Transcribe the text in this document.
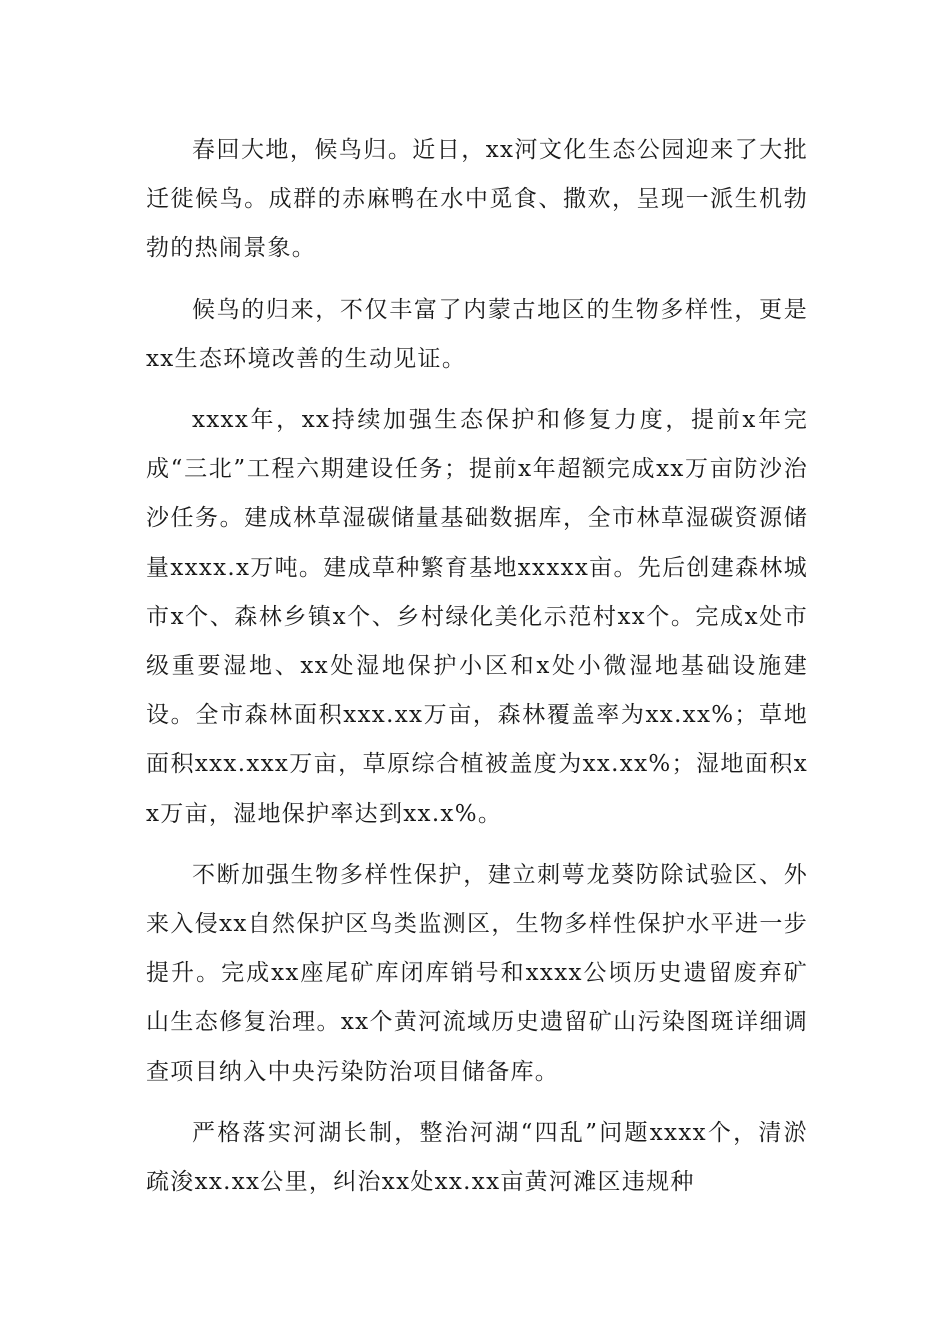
春回大地，候鸟归。近日，xx河文化生态公园迎来了大批迁徙候鸟。成群的赤麻鸭在水中觅食、撒欢，呈现一派生机勃勃的热闹景象。

候鸟的归来，不仅丰富了内蒙古地区的生物多样性，更是xx生态环境改善的生动见证。

xxxx年，xx持续加强生态保护和修复力度，提前x年完成“三北”工程六期建设任务；提前x年超额完成xx万亩防沙治沙任务。建成林草湿碳储量基础数据库，全市林草湿碳资源储量xxxx.x万吨。建成草种繁育基地xxxxx亩。先后创建森林城市x个、森林乡镇x个、乡村绿化美化示范村xx个。完成x处市级重要湿地、xx处湿地保护小区和x处小微湿地基础设施建设。全市森林面积xxx.xx万亩，森林覆盖率为xx.xx%；草地面积xxx.xxx万亩，草原综合植被盖度为xx.xx%；湿地面积xx万亩，湿地保护率达到xx.x%。

不断加强生物多样性保护，建立刺萼龙葵防除试验区、外来入侵xx自然保护区鸟类监测区，生物多样性保护水平进一步提升。完成xx座尾矿库闭库销号和xxxx公顷历史遗留废弃矿山生态修复治理。xx个黄河流域历史遗留矿山污染图斑详细调查项目纳入中央污染防治项目储备库。

严格落实河湖长制，整治河湖“四乱”问题xxxx个，清淤疏浚xx.xx公里，纠治xx处xx.xx亩黄河滩区违规种
